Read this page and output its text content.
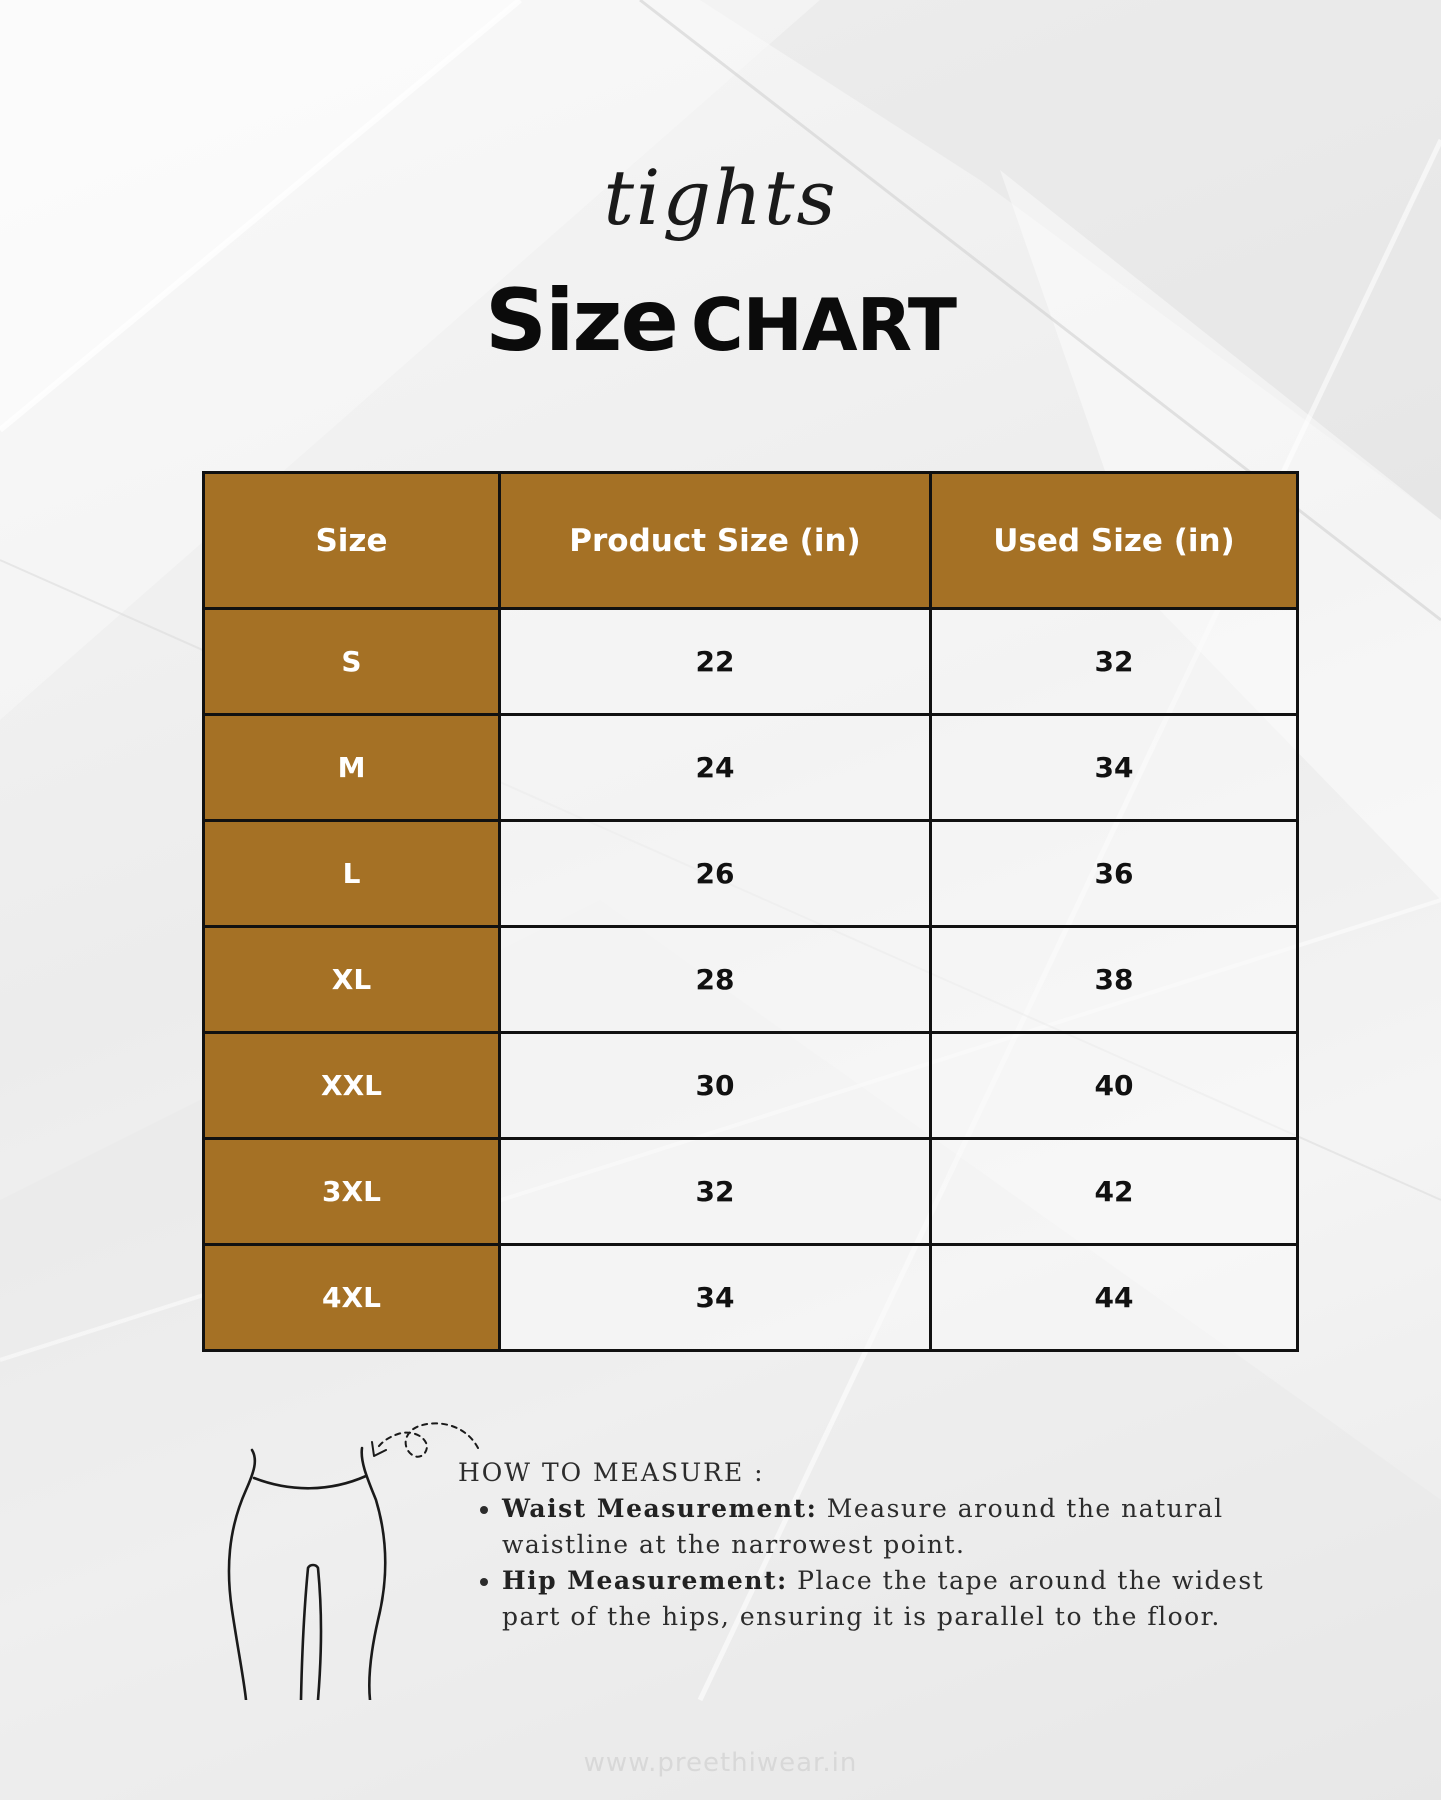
tights
Size CHART
Size	Product Size (in)	Used Size (in)
S	22	32
M	24	34
L	26	36
XL	28	38
XXL	30	40
3XL	32	42
4XL	34	44
HOW TO MEASURE :
• Waist Measurement: Measure around the natural waistline at the narrowest point.
• Hip Measurement: Place the tape around the widest part of the hips, ensuring it is parallel to the floor.
www.preethiwear.in
